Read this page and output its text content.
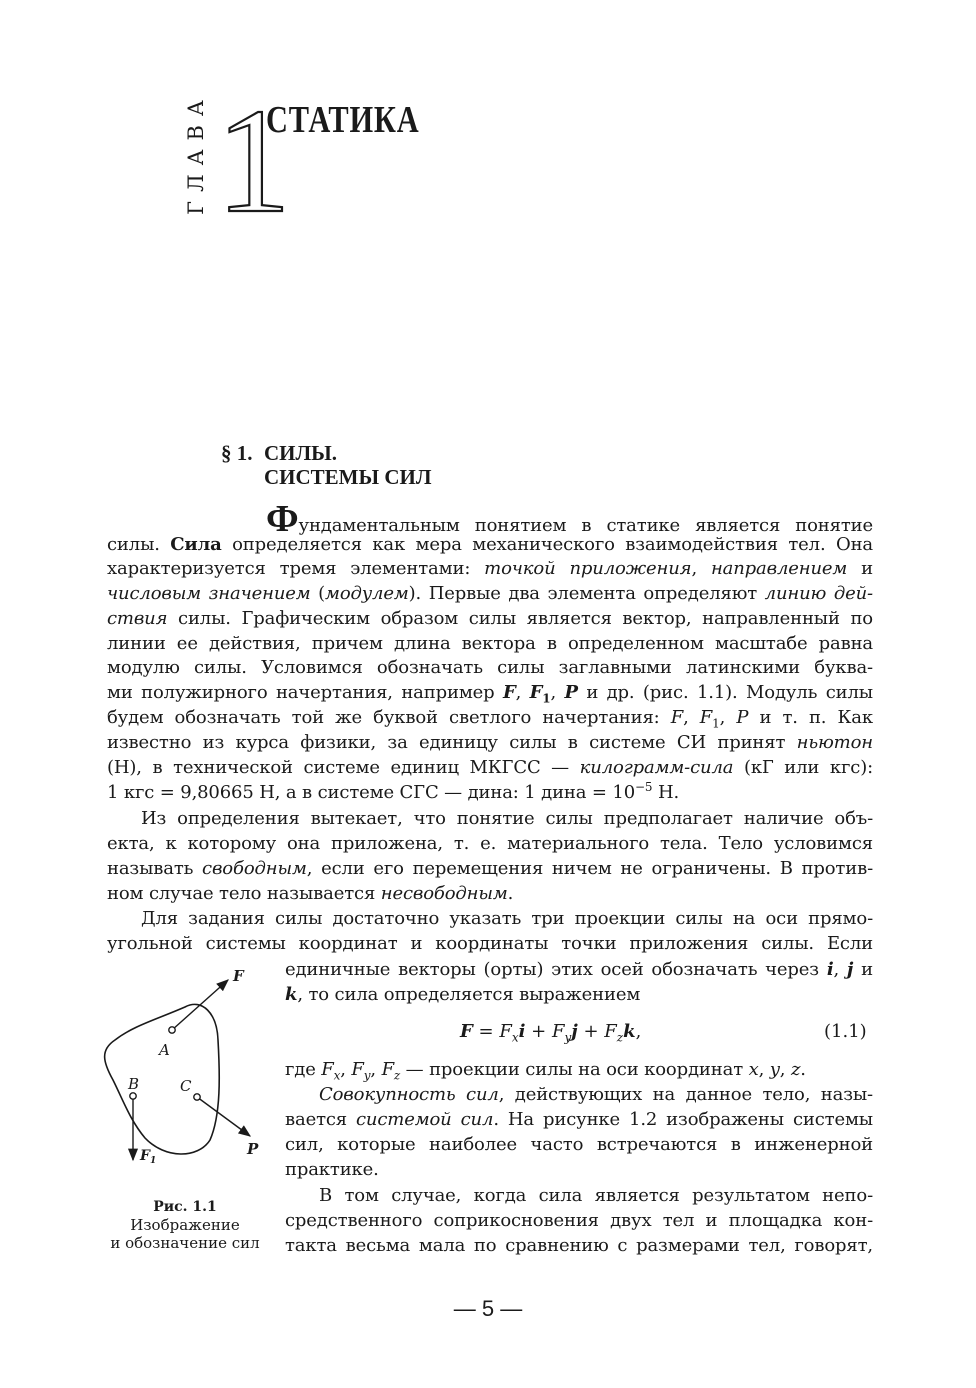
ГЛАВА 1
СТАТИКА
§ 1. СИЛЫ.
СИСТЕМЫ СИЛ
Фундаментальным понятием в статике является понятие
силы. Сила определяется как мера механического взаимодействия тел. Она
характеризуется тремя элементами: точкой приложения, направлением и
числовым значением (модулем). Первые два элемента определяют линию дей-
ствия силы. Графическим образом силы является вектор, направленный по
линии ее действия, причем длина вектора в определенном масштабе равна
модулю силы. Условимся обозначать силы заглавными латинскими буква-
ми полужирного начертания, например F, $F_1$, P и др. (рис. 1.1). Модуль силы
будем обозначать той же буквой светлого начертания: F, $F_1$, P и т. п. Как
известно из курса физики, за единицу силы в системе СИ принят ньютон
(Н), в технической системе единиц МКГСС — килограмм-сила (кГ или кгс):
1 кгс = 9,80665 Н, а в системе СГС — дина: 1 дина = $10^{-5}$ Н.
Из определения вытекает, что понятие силы предполагает наличие объ-
екта, к которому она приложена, т. е. материального тела. Тело условимся
называть свободным, если его перемещения ничем не ограничены. В против-
ном случае тело называется несвободным.
Для задания силы достаточно указать три проекции силы на оси прямо-
угольной системы координат и координаты точки приложения силы. Если
единичные векторы (орты) этих осей обозначать через i, j и
k, то сила определяется выражением
$F = F_xi + F_yj + F_zk$,	(1.1)
где $F_x$, $F_y$, $F_z$ — проекции силы на оси координат x, y, z.
Совокупность сил, действующих на данное тело, назы-
вается системой сил. На рисунке 1.2 изображены системы
сил, которые наиболее часто встречаются в инженерной
практике.
В том случае, когда сила является результатом непо-
средственного соприкосновения двух тел и площадка кон-
такта весьма мала по сравнению с размерами тел, говорят,
F
A
B	C
P
$F_1$
Рис. 1.1
Изображение
и обозначение сил
— 5 —
